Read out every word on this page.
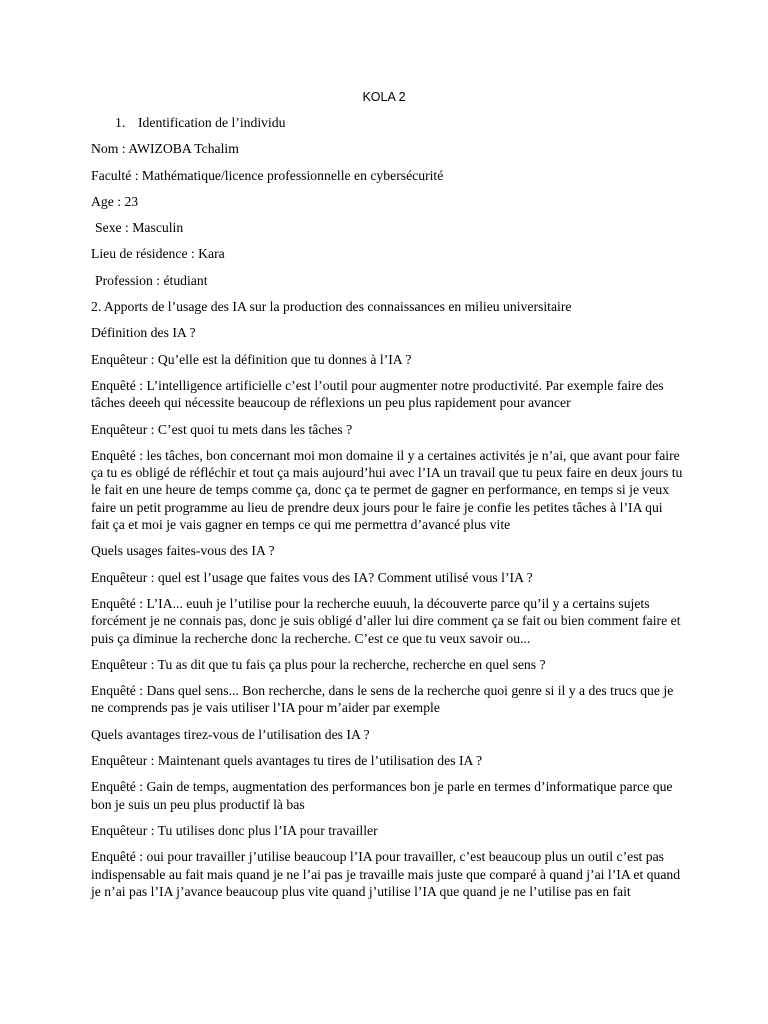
KOLA 2

1. Identification de l’individu

Nom : AWIZOBA Tchalim

Faculté : Mathématique/licence professionnelle en cybersécurité

Age : 23

Sexe : Masculin

Lieu de résidence : Kara

Profession : étudiant

2. Apports de l’usage des IA sur la production des connaissances en milieu universitaire

Définition des IA ?

Enquêteur : Qu’elle est la définition que tu donnes à l’IA ?

Enquêté : L’intelligence artificielle c’est l’outil pour augmenter notre productivité. Par exemple faire des tâches deeeh qui nécessite beaucoup de réflexions un peu plus rapidement pour avancer

Enquêteur : C’est quoi tu mets dans les tâches ?

Enquêté : les tâches, bon concernant moi mon domaine il y a certaines activités je n’ai, que avant pour faire ça tu es obligé de réfléchir et tout ça mais aujourd’hui avec l’IA un travail que tu peux faire en deux jours tu le fait en une heure de temps comme ça, donc ça te permet de gagner en performance, en temps si je veux faire un petit programme au lieu de prendre deux jours pour le faire je confie les petites tâches à l’IA qui fait ça et moi je vais gagner en temps ce qui me permettra d’avancé plus vite

Quels usages faites-vous des IA ?

Enquêteur : quel est l’usage que faites vous des IA? Comment utilisé vous l’IA ?

Enquêté : L’IA... euuh je l’utilise pour la recherche euuuh, la découverte parce qu’il y a certains sujets forcément je ne connais pas, donc je suis obligé d’aller lui dire comment ça se fait ou bien comment faire et puis ça diminue la recherche donc la recherche. C’est ce que tu veux savoir ou...

Enquêteur : Tu as dit que tu fais ça plus pour la recherche, recherche en quel sens ?

Enquêté : Dans quel sens... Bon recherche, dans le sens de la recherche quoi genre si il y a des trucs que je ne comprends pas je vais utiliser l’IA pour m’aider par exemple

Quels avantages tirez-vous de l’utilisation des IA ?

Enquêteur : Maintenant quels avantages tu tires de l’utilisation des IA ?

Enquêté : Gain de temps, augmentation des performances bon je parle en termes d’informatique parce que bon je suis un peu plus productif là bas

Enquêteur : Tu utilises donc plus l’IA pour travailler

Enquêté : oui pour travailler j’utilise beaucoup l’IA pour travailler, c’est beaucoup plus un outil c’est pas indispensable au fait mais quand je ne l’ai pas je travaille mais juste que comparé à quand j’ai l’IA et quand je n’ai pas l’IA j’avance beaucoup plus vite quand j’utilise l’IA que quand je ne l’utilise pas en fait
